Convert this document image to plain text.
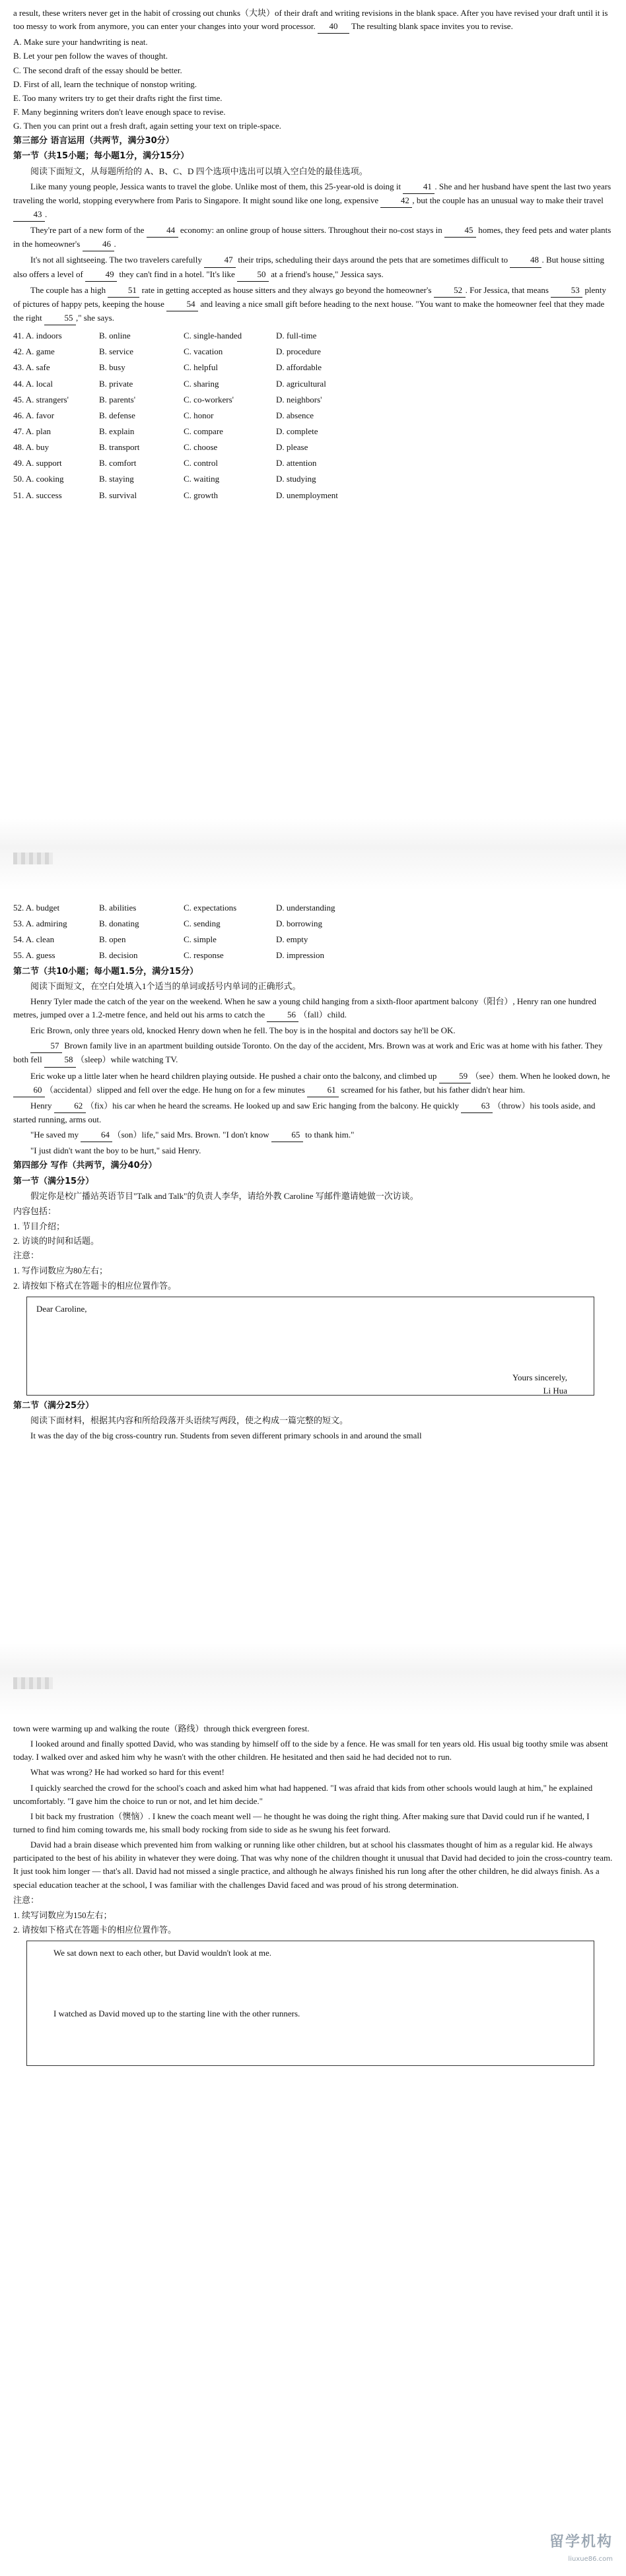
a result, these writers never get in the habit of crossing out chunks（大块）of their draft and writing revisions in the blank space. After you have revised your draft until it is too messy to work from anymore, you can enter your changes into your word processor. 40 The resulting blank space invites you to revise.

A. Make sure your handwriting is neat.

B. Let your pen follow the waves of thought.

C. The second draft of the essay should be better.

D. First of all, learn the technique of nonstop writing.

E. Too many writers try to get their drafts right the first time.

F. Many beginning writers don't leave enough space to revise.

G. Then you can print out a fresh draft, again setting your text on triple-space.

第三部分 语言运用（共两节，满分30分）

第一节（共15小题；每小题1分，满分15分）

阅读下面短文，从每题所给的 A、B、C、D 四个选项中选出可以填入空白处的最佳选项。

Like many young people, Jessica wants to travel the globe. Unlike most of them, this 25-year-old is doing it 41 . She and her husband have spent the last two years traveling the world, stopping everywhere from Paris to Singapore. It might sound like one long, expensive 42 , but the couple has an unusual way to make their travel 43 .

They're part of a new form of the 44 economy: an online group of house sitters. Throughout their no-cost stays in 45 homes, they feed pets and water plants in the homeowner's 46 .

It's not all sightseeing. The two travelers carefully 47 their trips, scheduling their days around the pets that are sometimes difficult to 48 . But house sitting also offers a level of 49 they can't find in a hotel. "It's like 50 at a friend's house," Jessica says.

The couple has a high 51 rate in getting accepted as house sitters and they always go beyond the homeowner's 52 . For Jessica, that means 53 plenty of pictures of happy pets, keeping the house 54 and leaving a nice small gift before heading to the next house. "You want to make the homeowner feel that they made the right 55 ," she says.

41. A. indoors	B. online	C. single-handed	D. full-time
42. A. game	B. service	C. vacation	D. procedure
43. A. safe	B. busy	C. helpful	D. affordable
44. A. local	B. private	C. sharing	D. agricultural
45. A. strangers'	B. parents'	C. co-workers'	D. neighbors'
46. A. favor	B. defense	C. honor	D. absence
47. A. plan	B. explain	C. compare	D. complete
48. A. buy	B. transport	C. choose	D. please
49. A. support	B. comfort	C. control	D. attention
50. A. cooking	B. staying	C. waiting	D. studying
51. A. success	B. survival	C. growth	D. unemployment
52. A. budget	B. abilities	C. expectations	D. understanding
53. A. admiring	B. donating	C. sending	D. borrowing
54. A. clean	B. open	C. simple	D. empty
55. A. guess	B. decision	C. response	D. impression

第二节（共10小题；每小题1.5分，满分15分）

阅读下面短文，在空白处填入1个适当的单词或括号内单词的正确形式。

Henry Tyler made the catch of the year on the weekend. When he saw a young child hanging from a sixth-floor apartment balcony（阳台）, Henry ran one hundred metres, jumped over a 1.2-metre fence, and held out his arms to catch the 56 （fall）child.

Eric Brown, only three years old, knocked Henry down when he fell. The boy is in the hospital and doctors say he'll be OK.

57 Brown family live in an apartment building outside Toronto. On the day of the accident, Mrs. Brown was at work and Eric was at home with his father. They both fell 58 （sleep）while watching TV.

Eric woke up a little later when he heard children playing outside. He pushed a chair onto the balcony, and climbed up 59 （see）them. When he looked down, he 60 （accidental）slipped and fell over the edge. He hung on for a few minutes 61 screamed for his father, but his father didn't hear him.

Henry 62 （fix）his car when he heard the screams. He looked up and saw Eric hanging from the balcony. He quickly 63 （throw）his tools aside, and started running, arms out.

"He saved my 64 （son）life," said Mrs. Brown. "I don't know 65 to thank him."

"I just didn't want the boy to be hurt," said Henry.

第四部分 写作（共两节，满分40分）

第一节（满分15分）

假定你是校广播站英语节目"Talk and Talk"的负责人李华，请给外教 Caroline 写邮件邀请她做一次访谈。

内容包括：

1. 节目介绍；

2. 访谈的时间和话题。

注意：

1. 写作词数应为80左右；

2. 请按如下格式在答题卡的相应位置作答。

Dear Caroline,
Yours sincerely,
Li Hua

第二节（满分25分）

阅读下面材料，根据其内容和所给段落开头语续写两段，使之构成一篇完整的短文。

It was the day of the big cross-country run. Students from seven different primary schools in and around the small

town were warming up and walking the route（路线）through thick evergreen forest.

I looked around and finally spotted David, who was standing by himself off to the side by a fence. He was small for ten years old. His usual big toothy smile was absent today. I walked over and asked him why he wasn't with the other children. He hesitated and then said he had decided not to run.

What was wrong? He had worked so hard for this event!

I quickly searched the crowd for the school's coach and asked him what had happened. "I was afraid that kids from other schools would laugh at him," he explained uncomfortably. "I gave him the choice to run or not, and let him decide."

I bit back my frustration（懊恼）. I knew the coach meant well — he thought he was doing the right thing. After making sure that David could run if he wanted, I turned to find him coming towards me, his small body rocking from side to side as he swung his feet forward.

David had a brain disease which prevented him from walking or running like other children, but at school his classmates thought of him as a regular kid. He always participated to the best of his ability in whatever they were doing. That was why none of the children thought it unusual that David had decided to join the cross-country team. It just took him longer — that's all. David had not missed a single practice, and although he always finished his run long after the other children, he did always finish. As a special education teacher at the school, I was familiar with the challenges David faced and was proud of his strong determination.

注意：

1. 续写词数应为150左右；

2. 请按如下格式在答题卡的相应位置作答。

We sat down next to each other, but David wouldn't look at me.
I watched as David moved up to the starting line with the other runners.
留学机构
liuxue86.com
